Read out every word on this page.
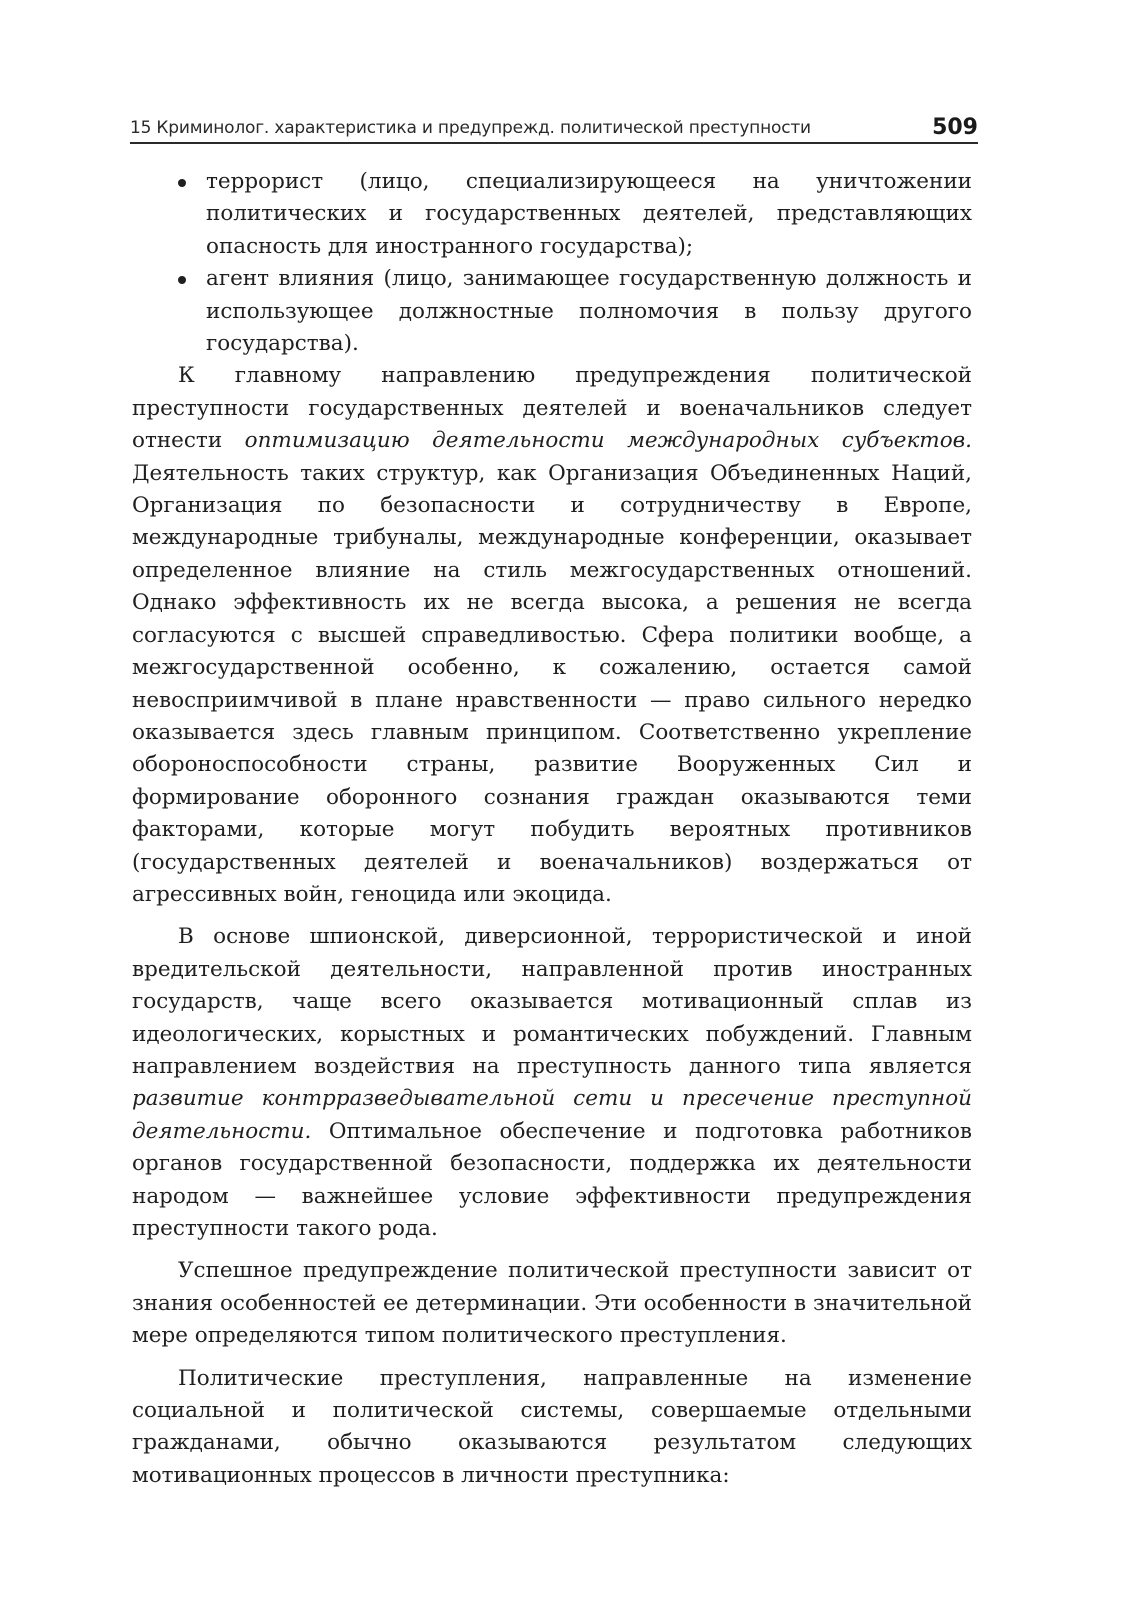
15 Криминолог. характеристика и предупрежд. политической преступности	509
террорист (лицо, специализирующееся на уничтожении политических и государственных деятелей, представляющих опасность для иностранного государства);
агент влияния (лицо, занимающее государственную должность и использующее должностные полномочия в пользу другого государства).

К главному направлению предупреждения политической преступности государственных деятелей и военачальников следует отнести оптимизацию деятельности международных субъектов. Деятельность таких структур, как Организация Объединенных Наций, Организация по безопасности и сотрудничеству в Европе, международные трибуналы, международные конференции, оказывает определенное влияние на стиль межгосударственных отношений. Однако эффективность их не всегда высока, а решения не всегда согласуются с высшей справедливостью. Сфера политики вообще, а межгосударственной особенно, к сожалению, остается самой невосприимчивой в плане нравственности — право сильного нередко оказывается здесь главным принципом. Соответственно укрепление обороноспособности страны, развитие Вооруженных Сил и формирование оборонного сознания граждан оказываются теми факторами, которые могут побудить вероятных противников (государственных деятелей и военачальников) воздержаться от агрессивных войн, геноцида или экоцида.

В основе шпионской, диверсионной, террористической и иной вредительской деятельности, направленной против иностранных государств, чаще всего оказывается мотивационный сплав из идеологических, корыстных и романтических побуждений. Главным направлением воздействия на преступность данного типа является развитие контрразведывательной сети и пресечение преступной деятельности. Оптимальное обеспечение и подготовка работников органов государственной безопасности, поддержка их деятельности народом — важнейшее условие эффективности предупреждения преступности такого рода.

Успешное предупреждение политической преступности зависит от знания особенностей ее детерминации. Эти особенности в значительной мере определяются типом политического преступления.

Политические преступления, направленные на изменение социальной и политической системы, совершаемые отдельными гражданами, обычно оказываются результатом следующих мотивационных процессов в личности преступника:
